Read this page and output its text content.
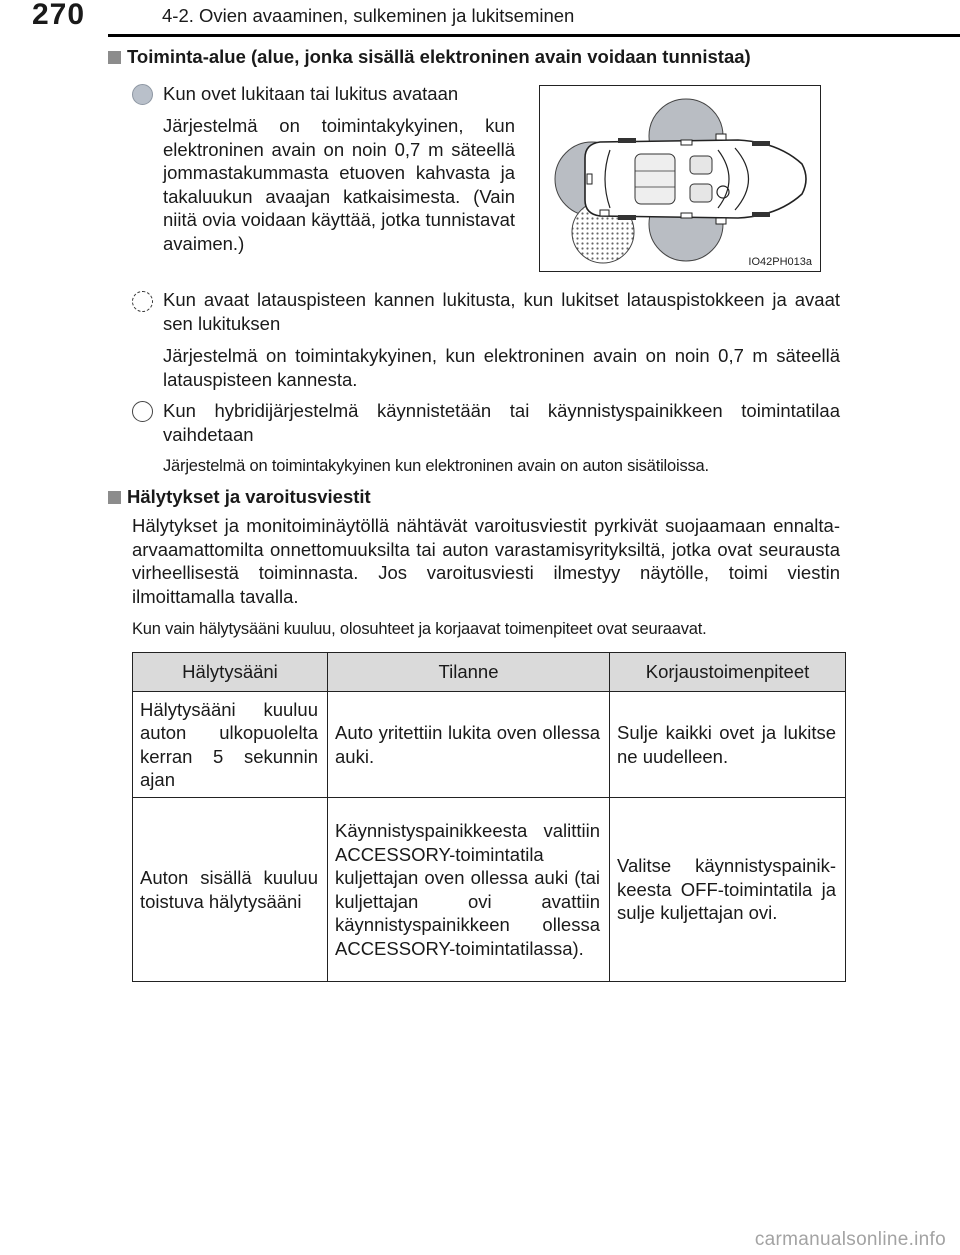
270	4-2. Ovien avaaminen, sulkeminen ja lukitseminen
Toiminta-alue (alue, jonka sisällä elektroninen avain voidaan tunnistaa)
Kun ovet lukitaan tai lukitus avataan
Järjestelmä on toimintakykyinen, kun elektroninen avain on noin 0,7 m säteellä jommastakummasta etuoven kahvasta ja takaluukun avaajan katkaisimesta. (Vain niitä ovia voidaan käyttää, jotka tunnistavat avaimen.)
IO42PH013a
Kun avaat latauspisteen kannen lukitusta, kun lukitset latauspistokkeen ja avaat sen lukituksen
Järjestelmä on toimintakykyinen, kun elektroninen avain on noin 0,7 m säteellä latauspisteen kannesta.
Kun hybridijärjestelmä käynnistetään tai käynnistyspainikkeen toimintatilaa vaihdetaan
Järjestelmä on toimintakykyinen kun elektroninen avain on auton sisätiloissa.
Hälytykset ja varoitusviestit
Hälytykset ja monitoiminäytöllä nähtävät varoitusviestit pyrkivät suojaamaan ennalta-arvaamattomilta onnettomuuksilta tai auton varastamisyrityksiltä, jotka ovat seurausta virheellisestä toiminnasta. Jos varoitusviesti ilmestyy näytölle, toimi viestin ilmoittamalla tavalla.
Kun vain hälytysääni kuuluu, olosuhteet ja korjaavat toimenpiteet ovat seuraavat.
Hälytysääni	Tilanne	Korjaustoimenpiteet
Hälytysääni kuuluu auton ulkopuolelta kerran 5 sekunnin ajan	Auto yritettiin lukita oven ollessa auki.	Sulje kaikki ovet ja lukitse ne uudelleen.
Auton sisällä kuuluu toistuva hälytysääni	Käynnistyspainikkeesta valittiin ACCESSORY-toimintatila kuljettajan oven ollessa auki (tai kuljettajan ovi avattiin käynnistyspainikkeen ollessa ACCESSORY-toimintatilassa).	Valitse käynnistyspainikkeesta OFF-toimintatila ja sulje kuljettajan ovi.
carmanualsonline.info
